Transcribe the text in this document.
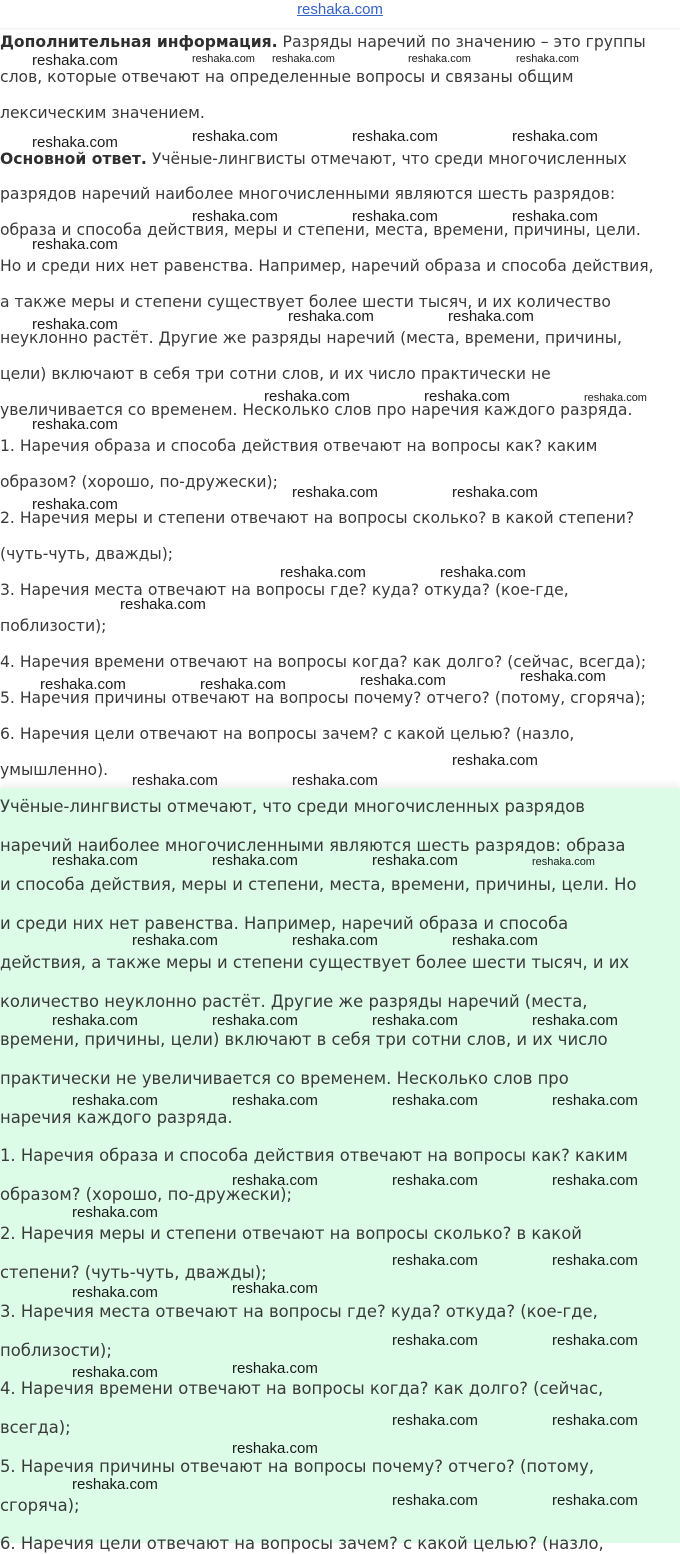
reshaka.com
Дополнительная информация. Разряды наречий по значению – это группы
слов, которые отвечают на определенные вопросы и связаны общим
лексическим значением.
Основной ответ. Учёные-лингвисты отмечают, что среди многочисленных
разрядов наречий наиболее многочисленными являются шесть разрядов:
образа и способа действия, меры и степени, места, времени, причины, цели.
Но и среди них нет равенства. Например, наречий образа и способа действия,
а также меры и степени существует более шести тысяч, и их количество
неуклонно растёт. Другие же разряды наречий (места, времени, причины,
цели) включают в себя три сотни слов, и их число практически не
увеличивается со временем. Несколько слов про наречия каждого разряда.
1. Наречия образа и способа действия отвечают на вопросы как? каким
образом? (хорошо, по-дружески);
2. Наречия меры и степени отвечают на вопросы сколько? в какой степени?
(чуть-чуть, дважды);
3. Наречия места отвечают на вопросы где? куда? откуда? (кое-где,
поблизости);
4. Наречия времени отвечают на вопросы когда? как долго? (сейчас, всегда);
5. Наречия причины отвечают на вопросы почему? отчего? (потому, сгоряча);
6. Наречия цели отвечают на вопросы зачем? с какой целью? (назло,
умышленно).
Учёные-лингвисты отмечают, что среди многочисленных разрядов
наречий наиболее многочисленными являются шесть разрядов: образа
и способа действия, меры и степени, места, времени, причины, цели. Но
и среди них нет равенства. Например, наречий образа и способа
действия, а также меры и степени существует более шести тысяч, и их
количество неуклонно растёт. Другие же разряды наречий (места,
времени, причины, цели) включают в себя три сотни слов, и их число
практически не увеличивается со временем. Несколько слов про
наречия каждого разряда.
1. Наречия образа и способа действия отвечают на вопросы как? каким
образом? (хорошо, по-дружески);
2. Наречия меры и степени отвечают на вопросы сколько? в какой
степени? (чуть-чуть, дважды);
3. Наречия места отвечают на вопросы где? куда? откуда? (кое-где,
поблизости);
4. Наречия времени отвечают на вопросы когда? как долго? (сейчас,
всегда);
5. Наречия причины отвечают на вопросы почему? отчего? (потому,
сгоряча);
6. Наречия цели отвечают на вопросы зачем? с какой целью? (назло,
reshaka.com
reshaka.com	reshaka.com	reshaka.com
reshaka.com
reshaka.com	reshaka.com	reshaka.com
reshaka.com
reshaka.com	reshaka.com	reshaka.com
reshaka.com	reshaka.com
reshaka.com
reshaka.com	reshaka.com
reshaka.com
reshaka.com	reshaka.com
reshaka.com
reshaka.com	reshaka.com	reshaka.com	reshaka.com
reshaka.com
reshaka.com	reshaka.com
reshaka.com	reshaka.com	reshaka.com
reshaka.com	reshaka.com	reshaka.com
reshaka.com	reshaka.com	reshaka.com	reshaka.com
reshaka.com	reshaka.com	reshaka.com	reshaka.com
reshaka.com	reshaka.com	reshaka.com
reshaka.com
reshaka.com	reshaka.com
reshaka.com
reshaka.com
reshaka.com	reshaka.com
reshaka.com
reshaka.com
reshaka.com	reshaka.com
reshaka.com
reshaka.com
reshaka.com	reshaka.com
reshaka.com reshaka.com	reshaka.com	reshaka.com
reshaka.com
reshaka.com
